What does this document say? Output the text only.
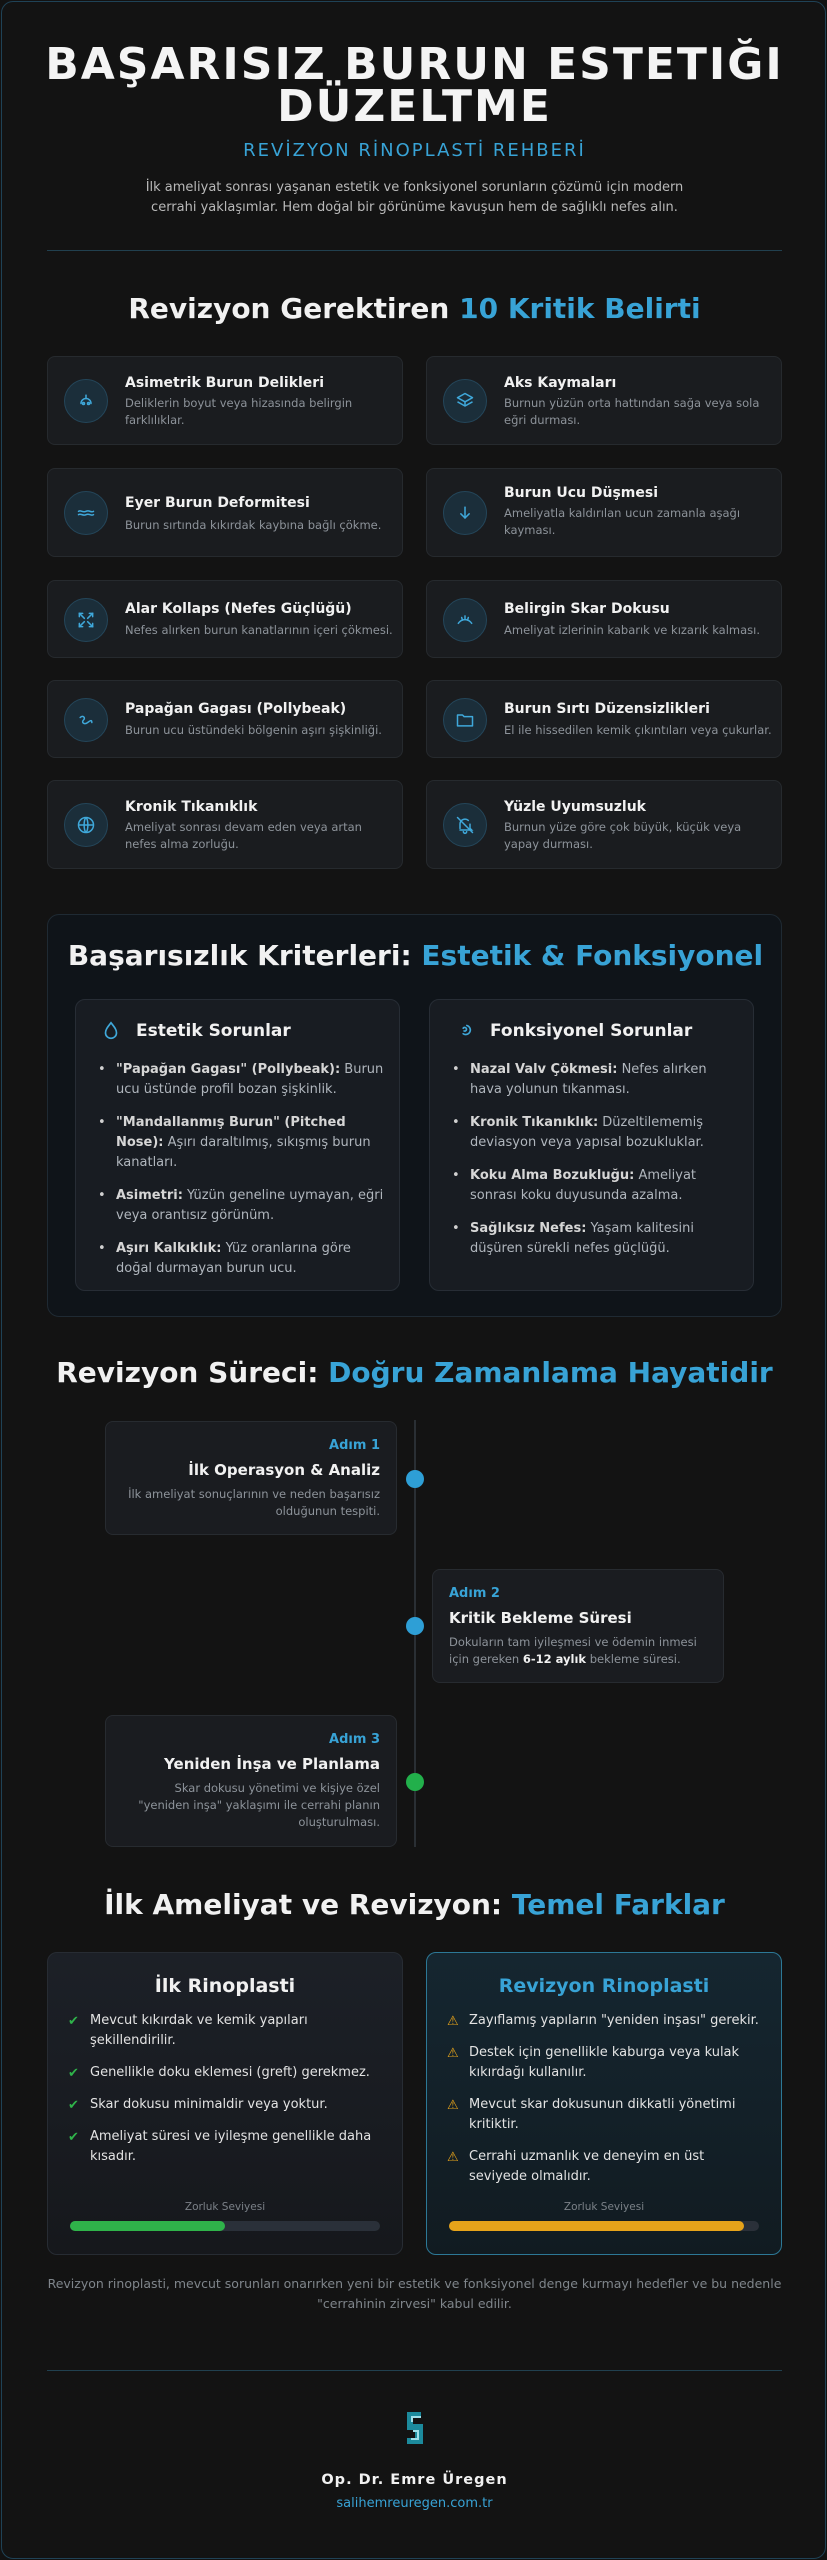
BAŞARISIZ BURUN ESTETIĞI
DÜZELTME
REVİZYON RİNOPLASTİ REHBERİ
İlk ameliyat sonrası yaşanan estetik ve fonksiyonel sorunların çözümü için modern cerrahi yaklaşımlar. Hem doğal bir görünüme kavuşun hem de sağlıklı nefes alın.
Revizyon Gerektiren 10 Kritik Belirti
Asimetrik Burun Delikleri
Deliklerin boyut veya hizasında belirgin farklılıklar.
Aks Kaymaları
Burnun yüzün orta hattından sağa veya sola eğri durması.
Eyer Burun Deformitesi
Burun sırtında kıkırdak kaybına bağlı çökme.
Burun Ucu Düşmesi
Ameliyatla kaldırılan ucun zamanla aşağı kayması.
Alar Kollaps (Nefes Güçlüğü)
Nefes alırken burun kanatlarının içeri çökmesi.
Belirgin Skar Dokusu
Ameliyat izlerinin kabarık ve kızarık kalması.
Papağan Gagası (Pollybeak)
Burun ucu üstündeki bölgenin aşırı şişkinliği.
Burun Sırtı Düzensizlikleri
El ile hissedilen kemik çıkıntıları veya çukurlar.
Kronik Tıkanıklık
Ameliyat sonrası devam eden veya artan nefes alma zorluğu.
Yüzle Uyumsuzluk
Burnun yüze göre çok büyük, küçük veya yapay durması.
Başarısızlık Kriterleri: Estetik & Fonksiyonel
Estetik Sorunlar
• "Papağan Gagası" (Pollybeak): Burun ucu üstünde profil bozan şişkinlik.
• "Mandallanmış Burun" (Pitched Nose): Aşırı daraltılmış, sıkışmış burun kanatları.
• Asimetri: Yüzün geneline uymayan, eğri veya orantısız görünüm.
• Aşırı Kalkıklık: Yüz oranlarına göre doğal durmayan burun ucu.
Fonksiyonel Sorunlar
• Nazal Valv Çökmesi: Nefes alırken hava yolunun tıkanması.
• Kronik Tıkanıklık: Düzeltilememiş deviasyon veya yapısal bozukluklar.
• Koku Alma Bozukluğu: Ameliyat sonrası koku duyusunda azalma.
• Sağlıksız Nefes: Yaşam kalitesini düşüren sürekli nefes güçlüğü.
Revizyon Süreci: Doğru Zamanlama Hayatidir
Adım 1
İlk Operasyon & Analiz
İlk ameliyat sonuçlarının ve neden başarısız olduğunun tespiti.
Adım 2
Kritik Bekleme Süresi
Dokuların tam iyileşmesi ve ödemin inmesi için gereken 6-12 aylık bekleme süresi.
Adım 3
Yeniden İnşa ve Planlama
Skar dokusu yönetimi ve kişiye özel "yeniden inşa" yaklaşımı ile cerrahi planın oluşturulması.
İlk Ameliyat ve Revizyon: Temel Farklar
İlk Rinoplasti
✔ Mevcut kıkırdak ve kemik yapıları şekillendirilir.
✔ Genellikle doku eklemesi (greft) gerekmez.
✔ Skar dokusu minimaldir veya yoktur.
✔ Ameliyat süresi ve iyileşme genellikle daha kısadır.
Zorluk Seviyesi
Revizyon Rinoplasti
⚠ Zayıflamış yapıların "yeniden inşası" gerekir.
⚠ Destek için genellikle kaburga veya kulak kıkırdağı kullanılır.
⚠ Mevcut skar dokusunun dikkatli yönetimi kritiktir.
⚠ Cerrahi uzmanlık ve deneyim en üst seviyede olmalıdır.
Zorluk Seviyesi
Revizyon rinoplasti, mevcut sorunları onarırken yeni bir estetik ve fonksiyonel denge kurmayı hedefler ve bu nedenle "cerrahinin zirvesi" kabul edilir.
Op. Dr. Emre Üregen
salihemreuregen.com.tr
